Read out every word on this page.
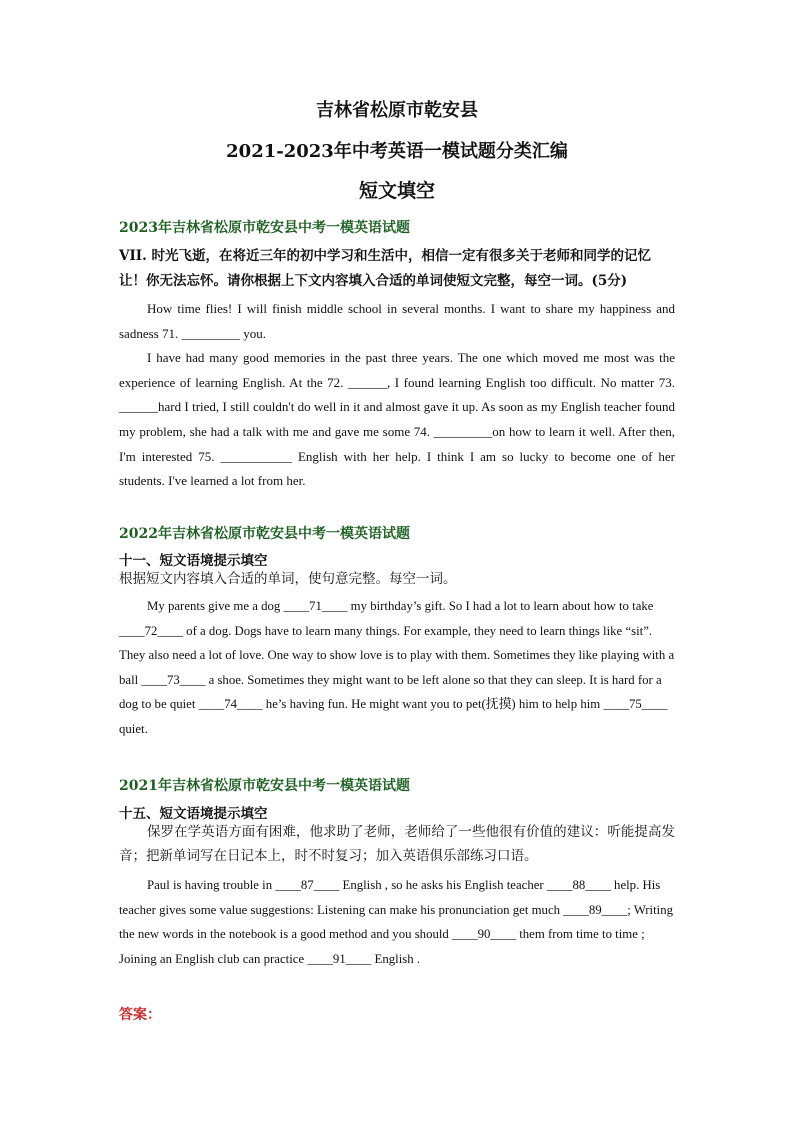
吉林省松原市乾安县
2021-2023年中考英语一模试题分类汇编
短文填空
2023年吉林省松原市乾安县中考一模英语试题
VII. 时光飞逝，在将近三年的初中学习和生活中，相信一定有很多关于老师和同学的记忆让！你无法忘怀。请你根据上下文内容填入合适的单词使短文完整，每空一词。(5分)

How time flies! I will finish middle school in several months. I want to share my happiness and sadness 71. _________ you.

I have had many good memories in the past three years. The one which moved me most was the experience of learning English. At the 72. ______, I found learning English too difficult. No matter 73. ______hard I tried, I still couldn't do well in it and almost gave it up. As soon as my English teacher found my problem, she had a talk with me and gave me some 74. _________on how to learn it well. After then, I'm interested 75. ___________ English with her help. I think I am so lucky to become one of her students. I've learned a lot from her.

2022年吉林省松原市乾安县中考一模英语试题
十一、短文语境提示填空
根据短文内容填入合适的单词，使句意完整。每空一词。

My parents give me a dog ____71____ my birthday’s gift. So I had a lot to learn about how to take ____72____ of a dog. Dogs have to learn many things. For example, they need to learn things like “sit”. They also need a lot of love. One way to show love is to play with them. Sometimes they like playing with a ball ____73____ a shoe. Sometimes they might want to be left alone so that they can sleep. It is hard for a dog to be quiet ____74____ he’s having fun. He might want you to pet(抚摸) him to help him ____75____ quiet.

2021年吉林省松原市乾安县中考一模英语试题
十五、短文语境提示填空
保罗在学英语方面有困难，他求助了老师，老师给了一些他很有价值的建议：听能提高发音；把新单词写在日记本上，时不时复习；加入英语俱乐部练习口语。

Paul is having trouble in ____87____ English , so he asks his English teacher ____88____ help. His teacher gives some value suggestions: Listening can make his pronunciation get much ____89____; Writing the new words in the notebook is a good method and you should ____90____ them from time to time ; Joining an English club can practice ____91____ English .

答案：
